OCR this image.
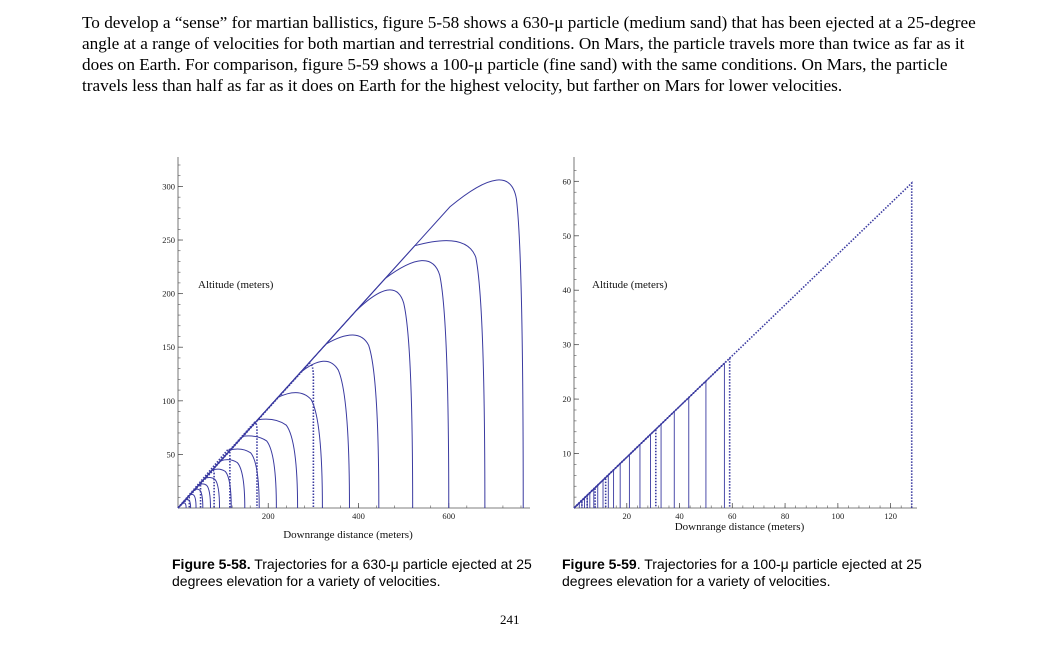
To develop a “sense” for martian ballistics, figure 5-58 shows a 630-μ particle (medium sand) that has been ejected at a 25-degree angle at a range of velocities for both martian and terrestrial conditions. On Mars, the particle travels more than twice as far as it does on Earth. For comparison, figure 5-59 shows a 100-μ particle (fine sand) with the same conditions. On Mars, the particle travels less than half as far as it does on Earth for the highest velocity, but farther on Mars for lower velocities.

200	400	600
50
100
150
200
250
300
Altitude (meters)
Downrange distance (meters)

Figure 5-58. Trajectories for a 630-μ particle ejected at 25 degrees elevation for a variety of velocities.

20	40	60	80	100	120
10
20
30
40
50
60
Altitude (meters)
Downrange distance (meters)

Figure 5-59. Trajectories for a 100-μ particle ejected at 25 degrees elevation for a variety of velocities.

241
